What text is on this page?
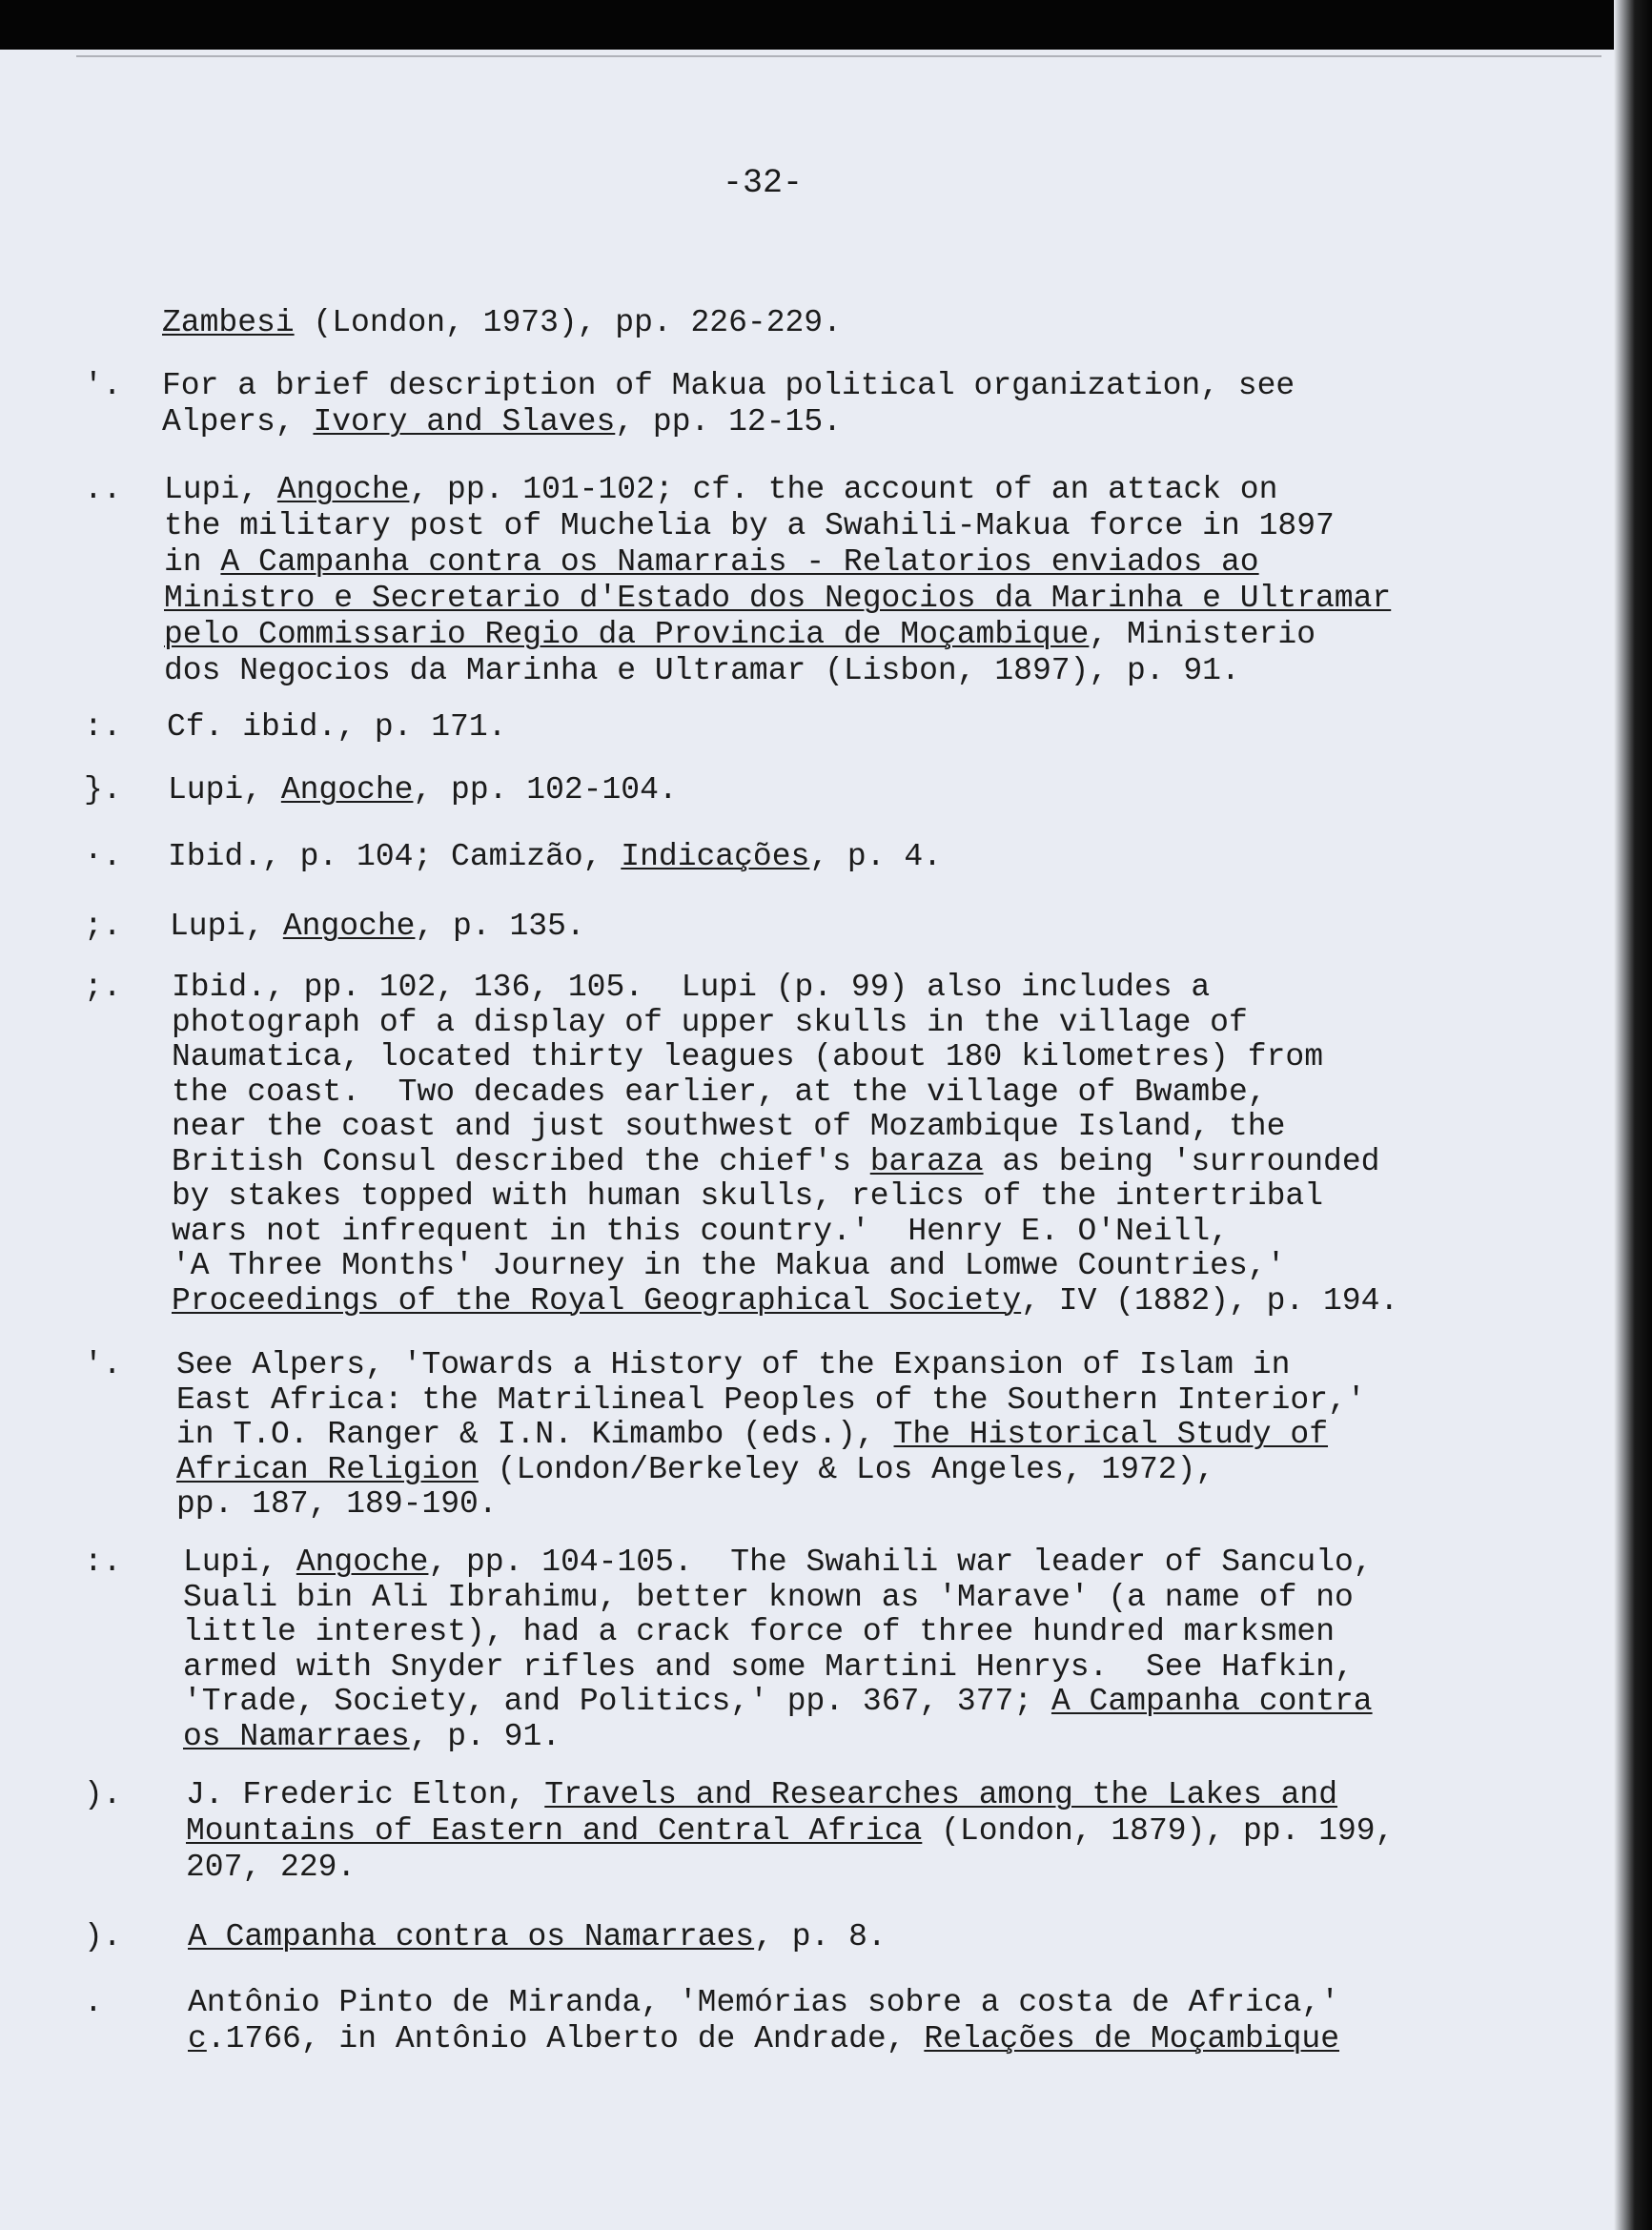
-32-
Zambesi (London, 1973), pp. 226-229.
'. For a brief description of Makua political organization, see
Alpers, Ivory and Slaves, pp. 12-15.
.. Lupi, Angoche, pp. 101-102; cf. the account of an attack on
the military post of Muchelia by a Swahili-Makua force in 1897
in A Campanha contra os Namarrais - Relatorios enviados ao
Ministro e Secretario d'Estado dos Negocios da Marinha e Ultramar
pelo Commissario Regio da Provincia de Moçambique, Ministerio
dos Negocios da Marinha e Ultramar (Lisbon, 1897), p. 91.
:. Cf. ibid., p. 171.
}. Lupi, Angoche, pp. 102-104.
·. Ibid., p. 104; Camizão, Indicações, p. 4.
;. Lupi, Angoche, p. 135.
;. Ibid., pp. 102, 136, 105.  Lupi (p. 99) also includes a
photograph of a display of upper skulls in the village of
Naumatica, located thirty leagues (about 180 kilometres) from
the coast.  Two decades earlier, at the village of Bwambe,
near the coast and just southwest of Mozambique Island, the
British Consul described the chief's baraza as being 'surrounded
by stakes topped with human skulls, relics of the intertribal
wars not infrequent in this country.'  Henry E. O'Neill,
'A Three Months' Journey in the Makua and Lomwe Countries,'
Proceedings of the Royal Geographical Society, IV (1882), p. 194.
'. See Alpers, 'Towards a History of the Expansion of Islam in
East Africa: the Matrilineal Peoples of the Southern Interior,'
in T.O. Ranger & I.N. Kimambo (eds.), The Historical Study of
African Religion (London/Berkeley & Los Angeles, 1972),
pp. 187, 189-190.
:. Lupi, Angoche, pp. 104-105.  The Swahili war leader of Sanculo,
Suali bin Ali Ibrahimu, better known as 'Marave' (a name of no
little interest), had a crack force of three hundred marksmen
armed with Snyder rifles and some Martini Henrys.  See Hafkin,
'Trade, Society, and Politics,' pp. 367, 377; A Campanha contra
os Namarraes, p. 91.
). J. Frederic Elton, Travels and Researches among the Lakes and
Mountains of Eastern and Central Africa (London, 1879), pp. 199,
207, 229.
). A Campanha contra os Namarraes, p. 8.
.	Antônio Pinto de Miranda, 'Memórias sobre a costa de Africa,'
c.1766, in Antônio Alberto de Andrade, Relações de Moçambique
